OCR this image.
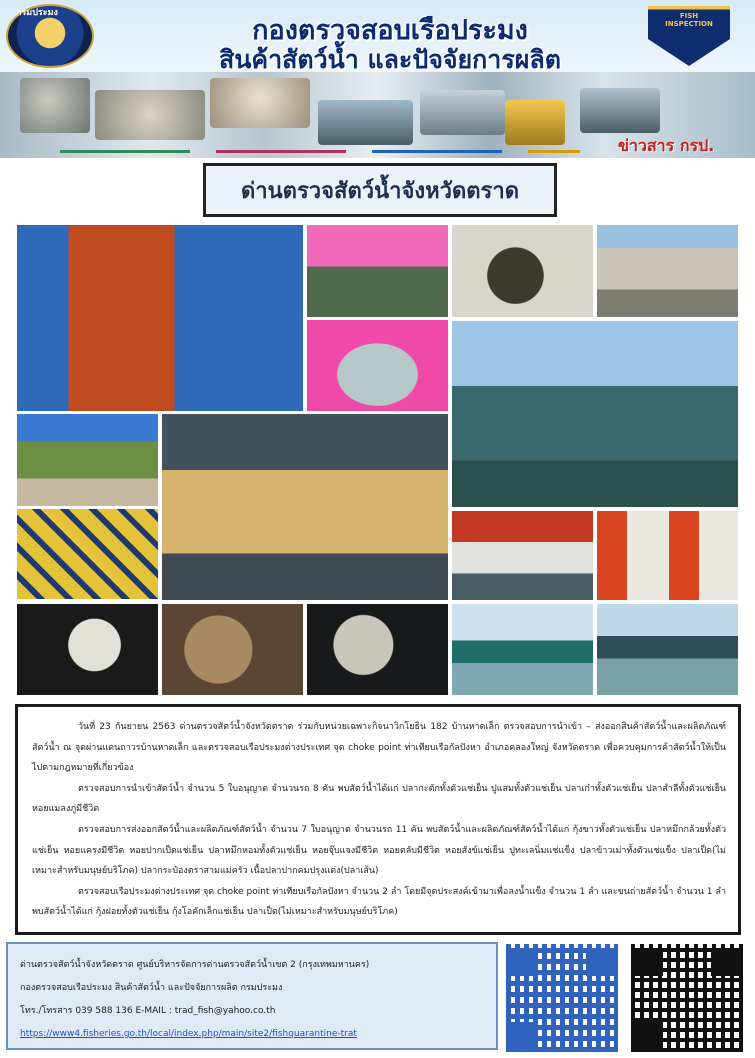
กรมประมง	FISH INSPECTION
กองตรวจสอบเรือประมง
สินค้าสัตว์น้ำ และปัจจัยการผลิต
ข่าวสาร กรป.
ด่านตรวจสัตว์น้ำจังหวัดตราด

วันที่ 23 กันยายน 2563 ด่านตรวจสัตว์น้ำจังหวัดตราด ร่วมกับหน่วยเฉพาะกิจนาวิกโยธิน 182 บ้านหาดเล็ก ตรวจสอบการนำเข้า – ส่งออกสินค้าสัตว์น้ำและผลิตภัณฑ์สัตว์น้ำ ณ จุดผ่านแดนถาวรบ้านหาดเล็ก และตรวจสอบเรือประมงต่างประเทศ จุด choke point ท่าเทียบเรือกัลปังหา อำเภอคลองใหญ่ จังหวัดตราด เพื่อควบคุมการค้าสัตว์น้ำให้เป็นไปตามกฎหมายที่เกี่ยวข้อง

ตรวจสอบการนำเข้าสัตว์น้ำ จำนวน 5 ใบอนุญาต จำนวนรถ 8 คัน พบสัตว์น้ำได้แก่ ปลากะตักทั้งตัวแช่เย็น ปูแสมทั้งตัวแช่เย็น ปลาเก๋าทั้งตัวแช่เย็น ปลาสำลีทั้งตัวแช่เย็น หอยแมลงภู่มีชีวิต

ตรวจสอบการส่งออกสัตว์น้ำและผลิตภัณฑ์สัตว์น้ำ จำนวน 7 ใบอนุญาต จำนวนรถ 11 คัน พบสัตว์น้ำและผลิตภัณฑ์สัตว์น้ำได้แก่ กุ้งขาวทั้งตัวแช่เย็น ปลาหมึกกล้วยทั้งตัวแช่เย็น หอยแครงมีชีวิต หอยปากเป็ดแช่เย็น ปลาหมึกหอมทั้งตัวแช่เย็น หอยจุ๊บแจงมีชีวิต หอยตลับมีชีวิต หอยสังข์แช่เย็น ปูทะเลนิ่มแช่แข็ง ปลาข้าวเม่าทั้งตัวแช่แข็ง ปลาเป็ด(ไม่เหมาะสำหรับมนุษย์บริโภค) ปลากระป๋องตราสามแม่ครัว เนื้อปลาปากคมปรุงแต่ง(ปลาเส้น)

ตรวจสอบเรือประมงต่างประเทศ จุด choke point ท่าเทียบเรือกัลปังหา จำนวน 2 ลำ โดยมีจุดประสงค์เข้ามาเพื่อลงน้ำแข็ง จำนวน 1 ลำ และขนถ่ายสัตว์น้ำ จำนวน 1 ลำ พบสัตว์น้ำได้แก่ กุ้งฝอยทั้งตัวแช่เย็น กุ้งโอคักเล็กแช่เย็น ปลาเป็ด(ไม่เหมาะสำหรับมนุษย์บริโภค)

ด่านตรวจสัตว์น้ำจังหวัดตราด ศูนย์บริหารจัดการด่านตรวจสัตว์น้ำเขต 2 (กรุงเทพมหานคร)
กองตรวจสอบเรือประมง สินค้าสัตว์น้ำ และปัจจัยการผลิต กรมประมง
โทร./โทรสาร 039 588 136 E-MAIL : trad_fish@yahoo.co.th
https://www4.fisheries.go.th/local/index.php/main/site2/fishquarantine-trat
